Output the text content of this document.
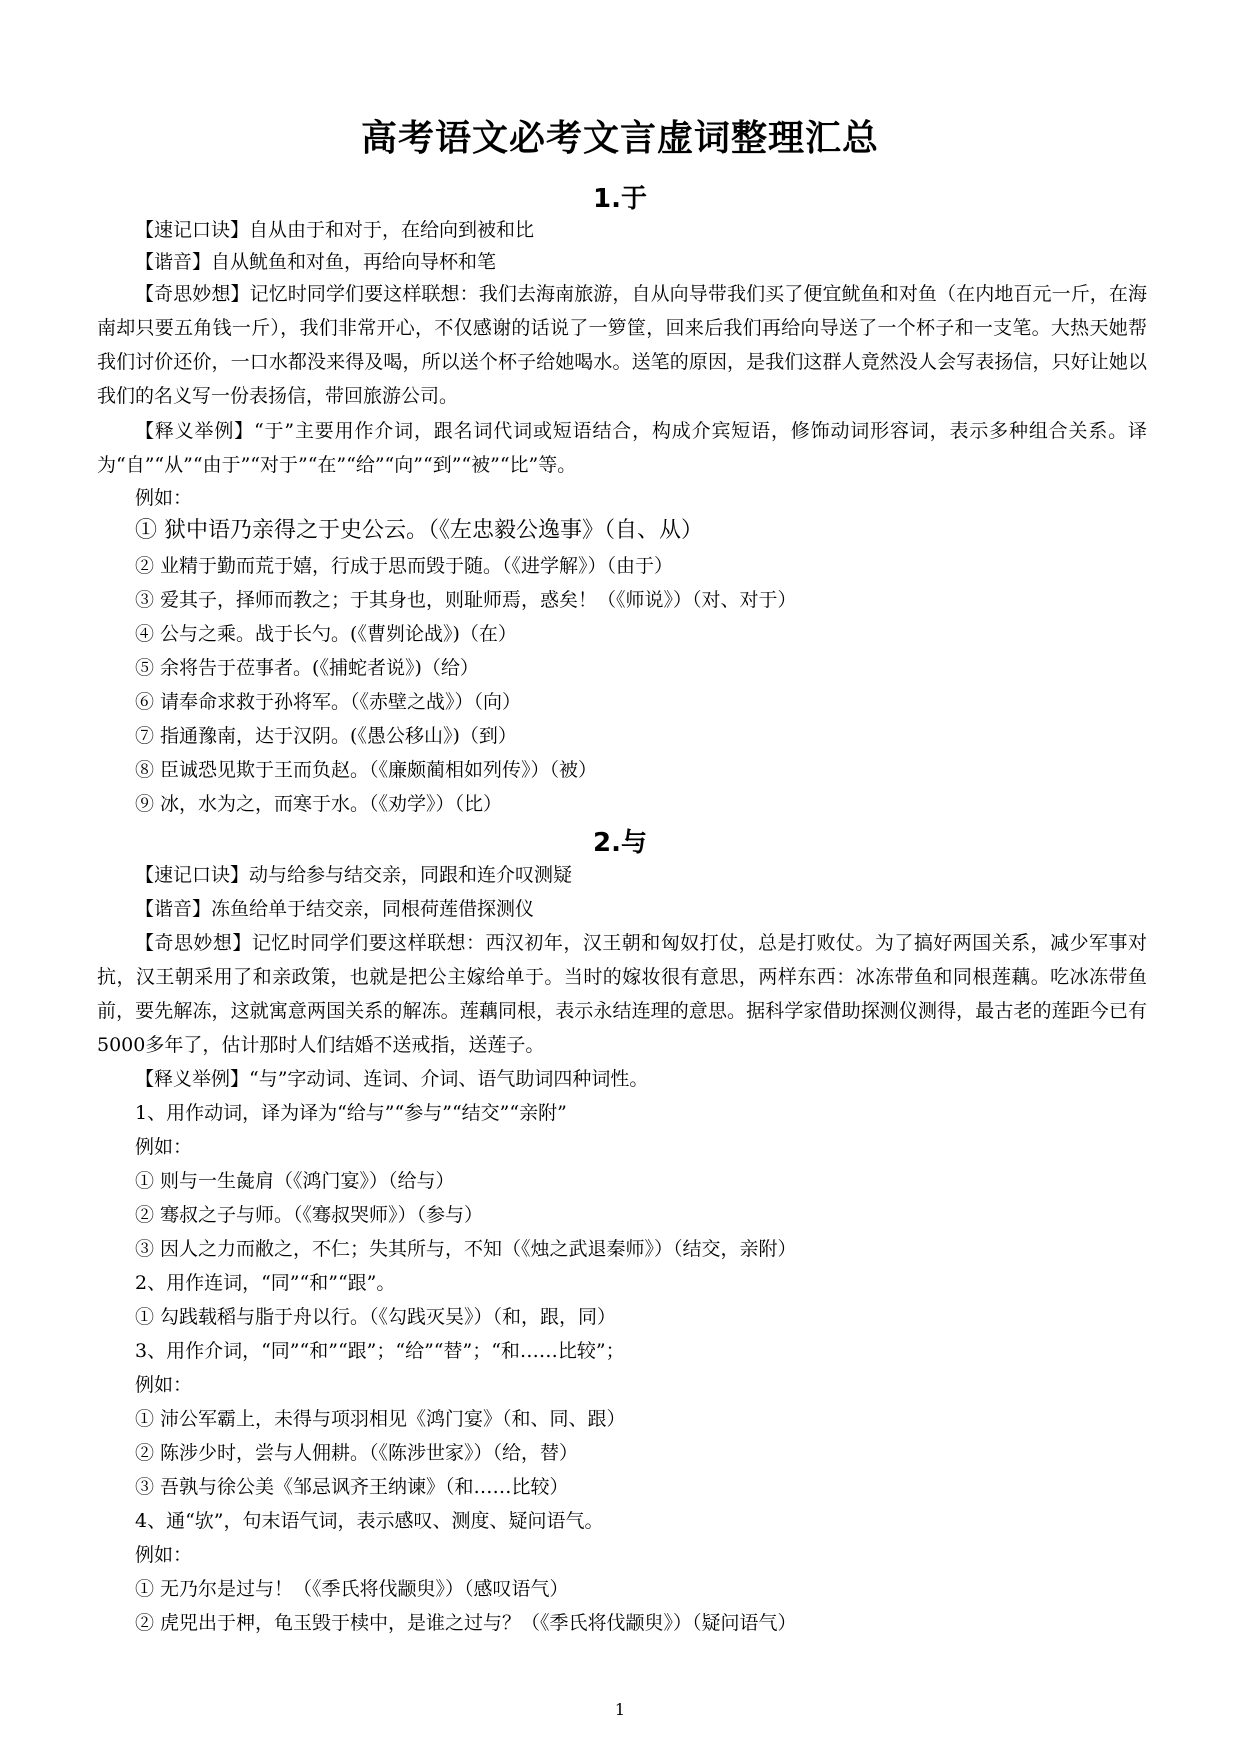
高考语文必考文言虚词整理汇总
1.于
【速记口诀】自从由于和对于，在给向到被和比
【谐音】自从鱿鱼和对鱼，再给向导杯和笔
【奇思妙想】记忆时同学们要这样联想：我们去海南旅游，自从向导带我们买了便宜鱿鱼和对鱼（在内地百元一斤，在海南却只要五角钱一斤），我们非常开心，不仅感谢的话说了一箩筐，回来后我们再给向导送了一个杯子和一支笔。大热天她帮我们讨价还价，一口水都没来得及喝，所以送个杯子给她喝水。送笔的原因，是我们这群人竟然没人会写表扬信，只好让她以我们的名义写一份表扬信，带回旅游公司。
【释义举例】“于”主要用作介词，跟名词代词或短语结合，构成介宾短语，修饰动词形容词，表示多种组合关系。译为“自”“从”“由于”“对于”“在”“给”“向”“到”“被”“比”等。
例如：
① 狱中语乃亲得之于史公云。（《左忠毅公逸事》（自、从）
② 业精于勤而荒于嬉，行成于思而毁于随。（《进学解》）（由于）
③ 爱其子，择师而教之；于其身也，则耻师焉，惑矣！（《师说》）（对、对于）
④ 公与之乘。战于长勺。(《曹刿论战》)（在）
⑤ 余将告于莅事者。(《捕蛇者说》)（给）
⑥ 请奉命求救于孙将军。（《赤壁之战》）（向）
⑦ 指通豫南，达于汉阴。(《愚公移山》)（到）
⑧ 臣诚恐见欺于王而负赵。（《廉颇蔺相如列传》）（被）
⑨ 冰，水为之，而寒于水。（《劝学》）（比）
2.与
【速记口诀】动与给参与结交亲，同跟和连介叹测疑
【谐音】冻鱼给单于结交亲，同根荷莲借探测仪
【奇思妙想】记忆时同学们要这样联想：西汉初年，汉王朝和匈奴打仗，总是打败仗。为了搞好两国关系，减少军事对抗，汉王朝采用了和亲政策，也就是把公主嫁给单于。当时的嫁妆很有意思，两样东西：冰冻带鱼和同根莲藕。吃冰冻带鱼前，要先解冻，这就寓意两国关系的解冻。莲藕同根，表示永结连理的意思。据科学家借助探测仪测得，最古老的莲距今已有5000多年了，估计那时人们结婚不送戒指，送莲子。
【释义举例】“与”字动词、连词、介词、语气助词四种词性。
1、用作动词，译为译为“给与”“参与”“结交”“亲附”
例如：
① 则与一生彘肩（《鸿门宴》）（给与）
② 骞叔之子与师。（《骞叔哭师》）（参与）
③ 因人之力而敝之，不仁；失其所与，不知（《烛之武退秦师》）（结交，亲附）
2、用作连词，“同”“和”“跟”。
① 勾践载稻与脂于舟以行。（《勾践灭吴》）（和，跟，同）
3、用作介词，“同”“和”“跟”；“给”“替”；“和……比较”；
例如：
① 沛公军霸上，未得与项羽相见《鸿门宴》（和、同、跟）
② 陈涉少时，尝与人佣耕。（《陈涉世家》）（给，替）
③ 吾孰与徐公美《邹忌讽齐王纳谏》（和……比较）
4、通“欤”，句末语气词，表示感叹、测度、疑问语气。
例如：
① 无乃尔是过与！（《季氏将伐颛臾》）（感叹语气）
② 虎兕出于柙，龟玉毁于椟中，是谁之过与？（《季氏将伐颛臾》）（疑问语气）
1
